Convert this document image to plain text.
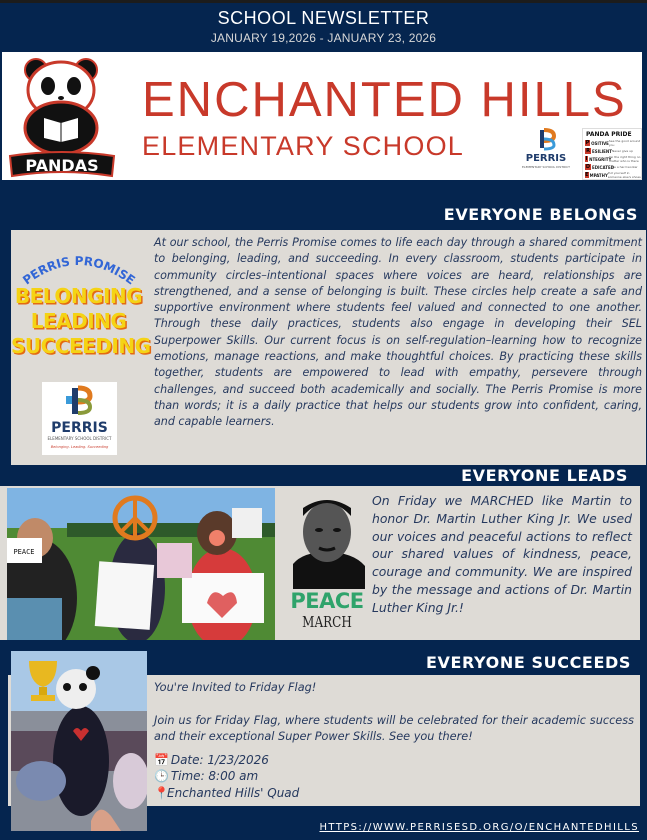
SCHOOL NEWSLETTER
JANUARY 19,2026 - JANUARY 23, 2026
PANDAS
ENCHANTED HILLS
ELEMENTARY SCHOOL	PERRIS
ELEMENTARY SCHOOL DISTRICT
PANDA PRIDE
P OSITIVE See the good around you
R ESILIENT Never give up
I NTEGRITY
Do the right thing no matter who is there
D EDICATED
Be a hard worker
E MPATHY Put yourself in someone else's shoes
EVERYONE BELONGS
PERRIS PROMISE
BELONGING
LEADING
SUCCEEDING
PERRIS
ELEMENTARY SCHOOL DISTRICT
Belonging. Leading. Succeeding
At our school, the Perris Promise comes to life each day through a shared commitment to belonging, leading, and succeeding. In every classroom, students participate in community circles–intentional spaces where voices are heard, relationships are strengthened, and a sense of belonging is built. These circles help create a safe and supportive environment where students feel valued and connected to one another. Through these daily practices, students also engage in developing their SEL Superpower Skills. Our current focus is on self-regulation–learning how to recognize emotions, manage reactions, and make thoughtful choices. By practicing these skills together, students are empowered to lead with empathy, persevere through challenges, and succeed both academically and socially. The Perris Promise is more than words; it is a daily practice that helps our students grow into confident, caring, and capable learners.
EVERYONE LEADS
PEACE
PEACE
MARCH
On Friday we MARCHED like Martin to honor Dr. Martin Luther King Jr. We used our voices and peaceful actions to reflect our shared values of kindness, peace, courage and community. We are inspired by the message and actions of Dr. Martin Luther King Jr.!
EVERYONE SUCCEEDS

You're Invited to Friday Flag!

Join us for Friday Flag, where students will be celebrated for their academic success and their exceptional Super Power Skills. See you there!

📅 Date: 1/23/2026
🕒 Time: 8:00 am
📍Enchanted Hills' Quad
HTTPS://WWW.PERRISESD.ORG/O/ENCHANTEDHILLS
